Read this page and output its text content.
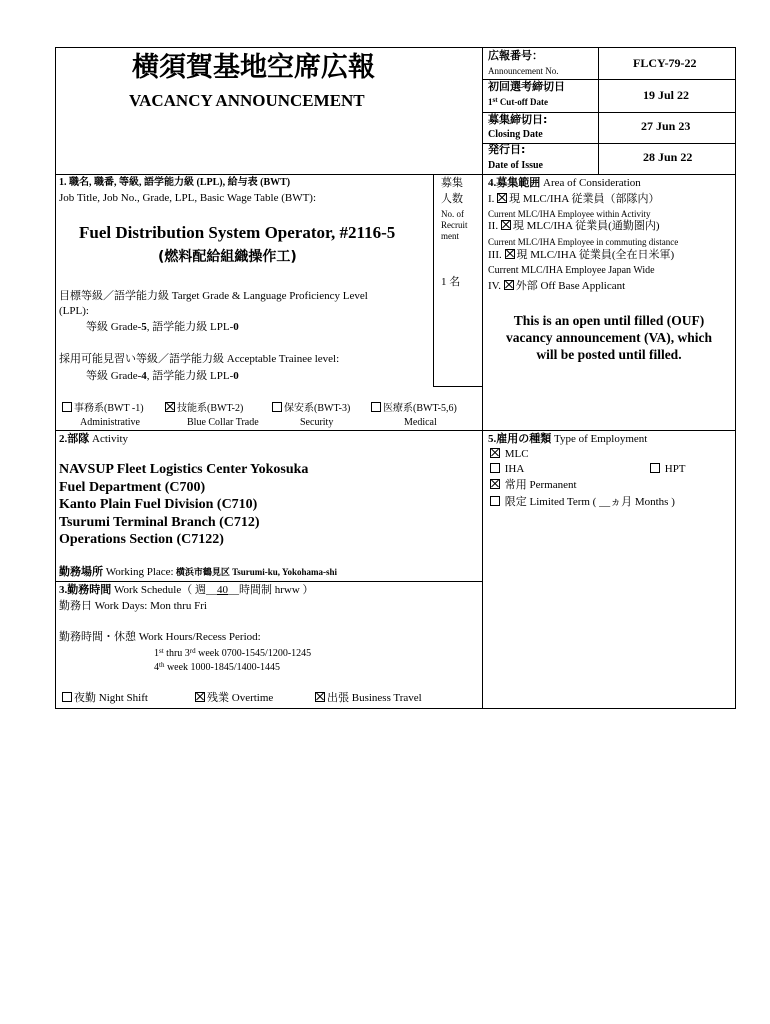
横須賀基地空席広報
VACANCY ANNOUNCEMENT
広報番号：
Announcement No.
FLCY-79-22
初回選考締切日
1st Cut-off Date	19 Jul 22
募集締切日:
Closing Date
27 Jun 23
発行日:
Date of Issue
28 Jun 22
1. 職名, 職番, 等級, 語学能力級 (LPL), 給与表 (BWT)
Job Title, Job No., Grade, LPL, Basic Wage Table (BWT):
Fuel Distribution System Operator, #2116-5
(燃料配給組織操作工)
目標等級／語学能力級 Target Grade & Language Proficiency Level
(LPL):
等級 Grade-5, 語学能力級 LPL-0
採用可能見習い等級／語学能力級 Acceptable Trainee level:
等級 Grade-4, 語学能力級 LPL-0
募集
人数
No. of
Recruit
ment
1 名
事務系(BWT -1)
Administrative
技能系(BWT-2)
Blue Collar Trade
保安系(BWT-3)
Security
医療系(BWT-5,6)
Medical
2.部隊 Activity
NAVSUP Fleet Logistics Center Yokosuka
Fuel Department (C700)
Kanto Plain Fuel Division (C710)
Tsurumi Terminal Branch (C712)
Operations Section (C7122)
勤務場所 Working Place: 横浜市鶴見区 Tsurumi-ku, Yokohama-shi
3.勤務時間 Work Schedule（ 週__40__時間制 hrww ）
勤務日 Work Days: Mon thru Fri
勤務時間・休憩 Work Hours/Recess Period:
1st thru 3rd week 0700-1545/1200-1245
4th week 1000-1845/1400-1445
夜勤 Night Shift	残業 Overtime	出張 Business Travel
4.募集範囲 Area of Consideration
I. 現 MLC/IHA 従業員（部隊内）
Current MLC/IHA Employee within Activity
II. 現 MLC/IHA 従業員(通勤圏内)
Current MLC/IHA Employee in commuting distance
III. 現 MLC/IHA 従業員(全在日米軍)
Current MLC/IHA Employee Japan Wide
IV. 外部 Off Base Applicant
This is an open until filled (OUF)
vacancy announcement (VA), which
will be posted until filled.
5.雇用の種類 Type of Employment
MLC
IHA	HPT
常用 Permanent
限定 Limited Term ( __ヵ月 Months )
